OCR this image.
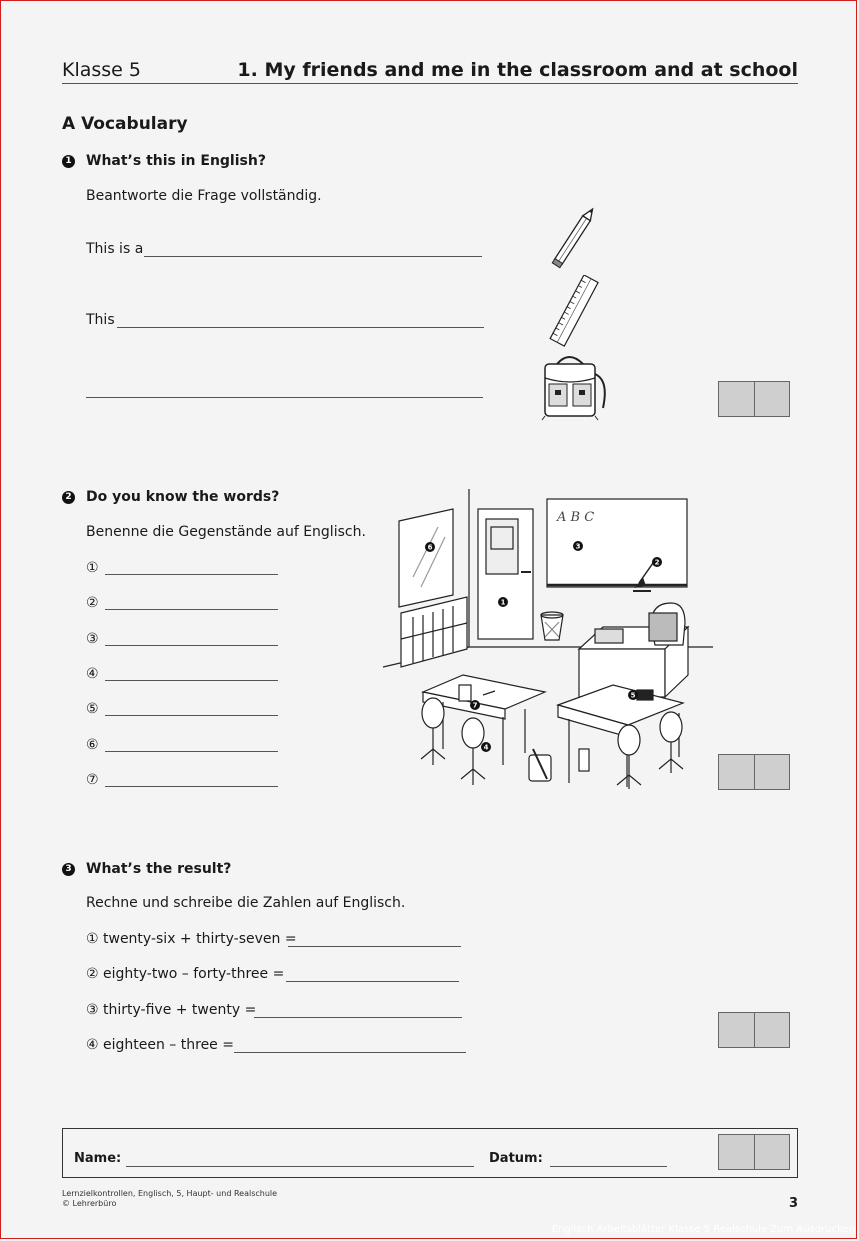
Klasse 5	1. My friends and me in the classroom and at school
A Vocabulary
1 What’s this in English?
Beantworte die Frage vollständig.
This is a
This
2 Do you know the words?
Benenne die Gegenstände auf Englisch.
①
②
③
④
⑤
⑥
⑦
A B C
1
2
3
4
5
6
7
3 What’s the result?
Rechne und schreibe die Zahlen auf Englisch.
① twenty-six + thirty-seven =
② eighty-two – forty-three =
③ thirty-five + twenty =
④ eighteen – three =
Name:	Datum:
Lernzielkontrollen, Englisch, 5, Haupt- und Realschule
© Lehrerbüro	3
Englisch Arbeitsblätter Klasse 5 Realschule Zum Ausdrucken
